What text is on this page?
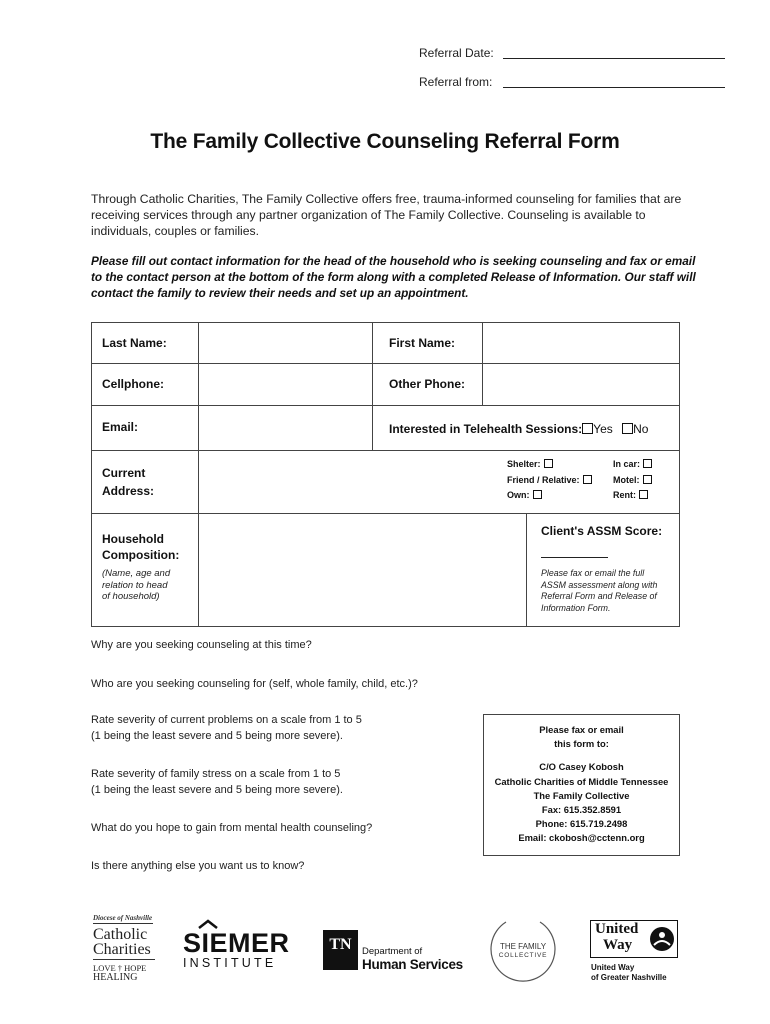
Referral Date:
Referral from:
The Family Collective Counseling Referral Form
Through Catholic Charities, The Family Collective offers free, trauma-informed counseling for families that are receiving services through any partner organization of The Family Collective. Counseling is available to individuals, couples or families.
Please fill out contact information for the head of the household who is seeking counseling and fax or email to the contact person at the bottom of the form along with a completed Release of Information. Our staff will contact the family to review their needs and set up an appointment.
Last Name:	First Name:
Cellphone:	Other Phone:
Email:	Interested in Telehealth Sessions: Yes No
Current
Address:
Shelter:
Friend / Relative:
Own:
In car:
Motel:
Rent:
Household
Composition:
(Name, age and
relation to head
of household)
Client's ASSM Score:
Please fax or email the full
ASSM assessment along with
Referral Form and Release of
Information Form.
Why are you seeking counseling at this time?
Who are you seeking counseling for (self, whole family, child, etc.)?
Rate severity of current problems on a scale from 1 to 5
(1 being the least severe and 5 being more severe).
Rate severity of family stress on a scale from 1 to 5
(1 being the least severe and 5 being more severe).
What do you hope to gain from mental health counseling?
Is there anything else you want us to know?
Please fax or email
this form to:
C/O Casey Kobosh
Catholic Charities of Middle Tennessee
The Family Collective
Fax: 615.352.8591
Phone: 615.719.2498
Email: ckobosh@cctenn.org
Diocese of Nashville
Catholic
Charities
LOVE † HOPE
HEALING
SIEMER
INSTITUTE
TN	Department of
Human Services
THE FAMILY
COLLECTIVE
United
Way
United Way
of Greater Nashville
